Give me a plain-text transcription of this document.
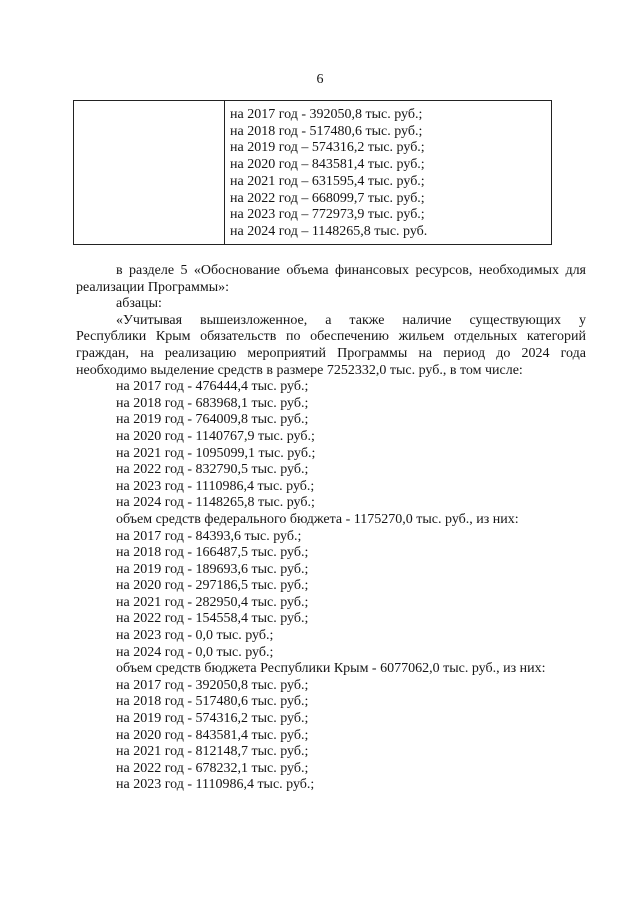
6
на 2017 год - 392050,8 тыс. руб.;
на 2018 год - 517480,6 тыс. руб.;
на 2019 год – 574316,2 тыс. руб.;
на 2020 год – 843581,4 тыс. руб.;
на 2021 год – 631595,4 тыс. руб.;
на 2022 год – 668099,7 тыс. руб.;
на 2023 год – 772973,9 тыс. руб.;
на 2024 год – 1148265,8 тыс. руб.
в разделе 5 «Обоснование объема финансовых ресурсов, необходимых для
реализации Программы»:
абзацы:
«Учитывая вышеизложенное, а также наличие существующих у
Республики Крым обязательств по обеспечению жильем отдельных категорий
граждан, на реализацию мероприятий Программы на период до 2024 года
необходимо выделение средств в размере 7252332,0 тыс. руб., в том числе:
на 2017 год - 476444,4 тыс. руб.;
на 2018 год - 683968,1 тыс. руб.;
на 2019 год - 764009,8 тыс. руб.;
на 2020 год - 1140767,9 тыс. руб.;
на 2021 год - 1095099,1 тыс. руб.;
на 2022 год - 832790,5 тыс. руб.;
на 2023 год - 1110986,4 тыс. руб.;
на 2024 год - 1148265,8 тыс. руб.;
объем средств федерального бюджета - 1175270,0 тыс. руб., из них:
на 2017 год - 84393,6 тыс. руб.;
на 2018 год - 166487,5 тыс. руб.;
на 2019 год - 189693,6 тыс. руб.;
на 2020 год - 297186,5 тыс. руб.;
на 2021 год - 282950,4 тыс. руб.;
на 2022 год - 154558,4 тыс. руб.;
на 2023 год - 0,0 тыс. руб.;
на 2024 год - 0,0 тыс. руб.;
объем средств бюджета Республики Крым - 6077062,0 тыс. руб., из них:
на 2017 год - 392050,8 тыс. руб.;
на 2018 год - 517480,6 тыс. руб.;
на 2019 год - 574316,2 тыс. руб.;
на 2020 год - 843581,4 тыс. руб.;
на 2021 год - 812148,7 тыс. руб.;
на 2022 год - 678232,1 тыс. руб.;
на 2023 год - 1110986,4 тыс. руб.;
